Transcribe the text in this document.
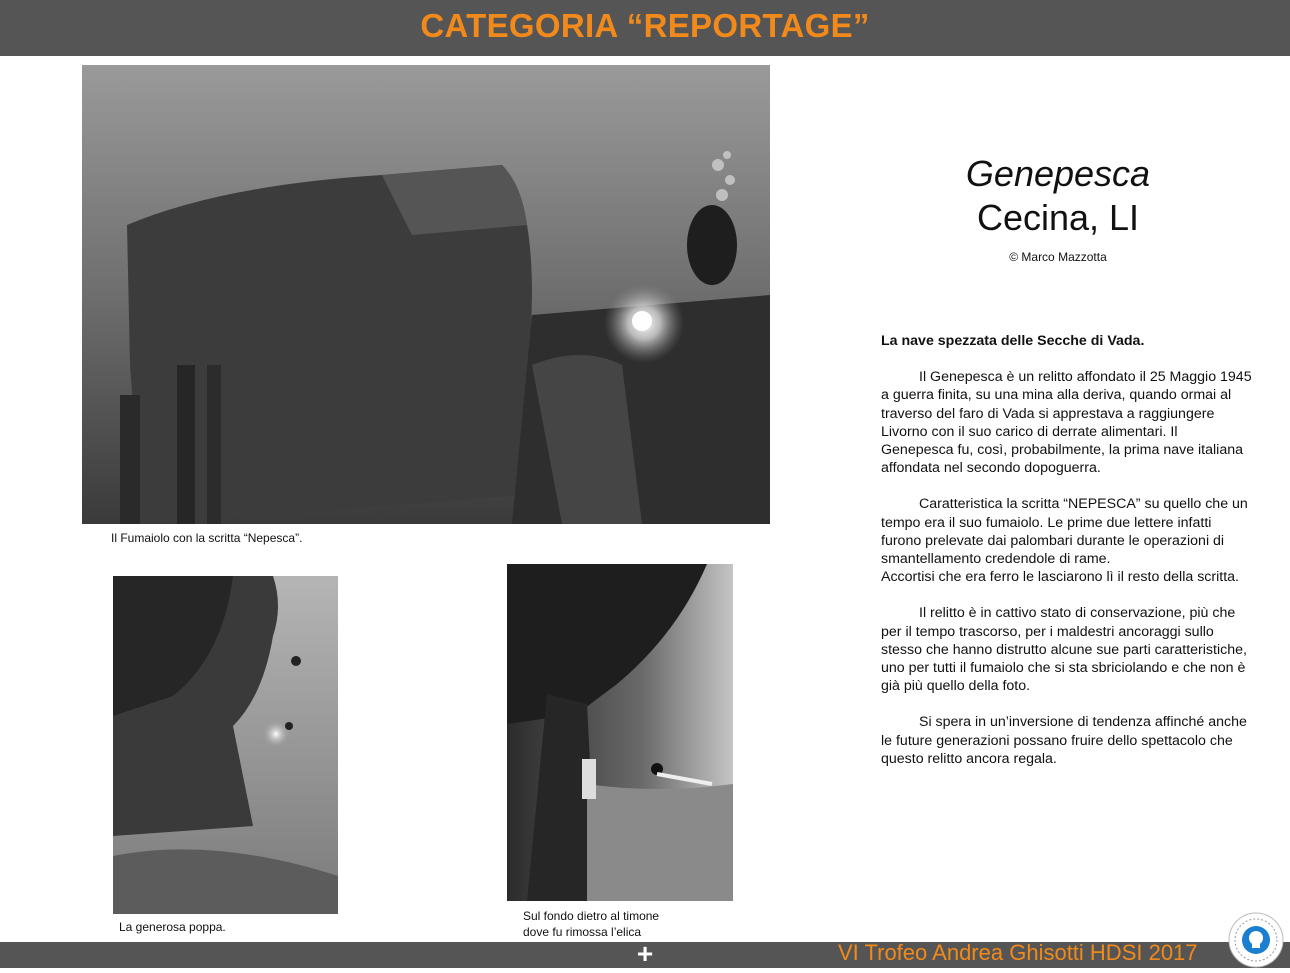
CATEGORIA “REPORTAGE”
Il Fumaiolo con la scritta “Nepesca”.
La generosa poppa.
Sul fondo dietro al timone
dove fu rimossa l’elica
Genepesca
Cecina, LI
© Marco Mazzotta
La nave spezzata delle Secche di Vada.

Il Genepesca è un relitto affondato il 25 Maggio 1945 a guerra finita, su una mina alla deriva, quando ormai al traverso del faro di Vada si apprestava a raggiungere Livorno con il suo carico di derrate alimentari. Il Genepesca fu, così, probabilmente, la prima nave italiana affondata nel secondo dopoguerra.

Caratteristica la scritta “NEPESCA” su quello che un tempo era il suo fumaiolo. Le prime due lettere infatti furono prelevate dai palombari durante le operazioni di smantellamento credendole di rame.
Accortisi che era ferro le lasciarono lì il resto della scritta.

Il relitto è in cattivo stato di conservazione, più che per il tempo trascorso, per i maldestri ancoraggi sullo stesso che hanno distrutto alcune sue parti caratteristiche, uno per tutti il fumaiolo che si sta sbriciolando e che non è già più quello della foto.

Si spera in un’inversione di tendenza affinché anche le future generazioni possano fruire dello spettacolo che questo relitto ancora regala.

+	VI Trofeo Andrea Ghisotti HDSI 2017
